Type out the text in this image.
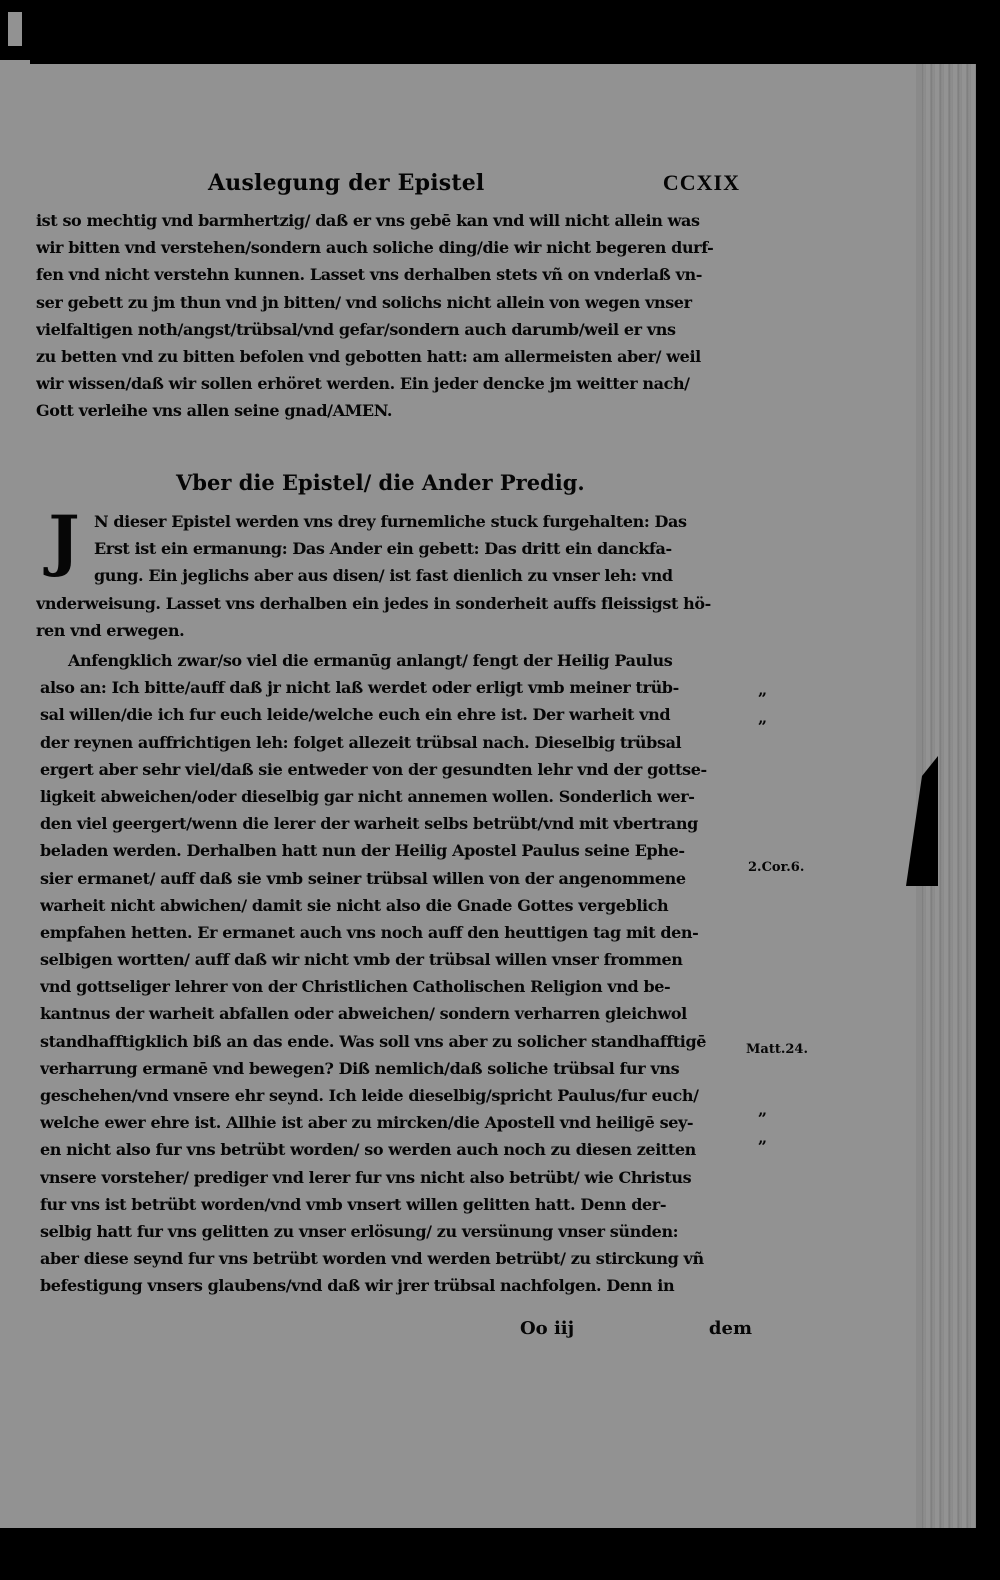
Auslegung der Epistel	CCXIX
ist so mechtig vnd barmhertzig/ daß er vns gebē kan vnd will nicht allein was
wir bitten vnd verstehen/sondern auch soliche ding/die wir nicht begeren durf-
fen vnd nicht verstehn kunnen. Lasset vns derhalben stets vñ on vnderlaß vn-
ser gebett zu jm thun vnd jn bitten/ vnd solichs nicht allein von wegen vnser
vielfaltigen noth/angst/trübsal/vnd gefar/sondern auch darumb/weil er vns
zu betten vnd zu bitten befolen vnd gebotten hatt: am allermeisten aber/ weil
wir wissen/daß wir sollen erhöret werden. Ein jeder dencke jm weitter nach/
Gott verleihe vns allen seine gnad/AMEN.
Vber die Epistel/ die Ander Predig.
J N dieser Epistel werden vns drey furnemliche stuck furgehalten: Das
Erst ist ein ermanung: Das Ander ein gebett: Das dritt ein danckfa-
gung. Ein jeglichs aber aus disen/ ist fast dienlich zu vnser leh: vnd
vnderweisung. Lasset vns derhalben ein jedes in sonderheit auffs fleissigst hö-
ren vnd erwegen.
Anfengklich zwar/so viel die ermanūg anlangt/ fengt der Heilig Paulus
also an: Ich bitte/auff daß jr nicht laß werdet oder erligt vmb meiner trüb-
sal willen/die ich fur euch leide/welche euch ein ehre ist. Der warheit vnd
der reynen auffrichtigen leh: folget allezeit trübsal nach. Dieselbig trübsal
ergert aber sehr viel/daß sie entweder von der gesundten lehr vnd der gottse-
ligkeit abweichen/oder dieselbig gar nicht annemen wollen. Sonderlich wer-
den viel geergert/wenn die lerer der warheit selbs betrübt/vnd mit vbertrang
beladen werden. Derhalben hatt nun der Heilig Apostel Paulus seine Ephe-
sier ermanet/ auff daß sie vmb seiner trübsal willen von der angenommene
warheit nicht abwichen/ damit sie nicht also die Gnade Gottes vergeblich
empfahen hetten. Er ermanet auch vns noch auff den heuttigen tag mit den-
selbigen wortten/ auff daß wir nicht vmb der trübsal willen vnser frommen
vnd gottseliger lehrer von der Christlichen Catholischen Religion vnd be-
kantnus der warheit abfallen oder abweichen/ sondern verharren gleichwol
standhafftigklich biß an das ende. Was soll vns aber zu solicher standhafftigē
verharrung ermanē vnd bewegen? Diß nemlich/daß soliche trübsal fur vns
geschehen/vnd vnsere ehr seynd. Ich leide dieselbig/spricht Paulus/fur euch/
welche ewer ehre ist. Allhie ist aber zu mircken/die Apostell vnd heiligē sey-
en nicht also fur vns betrübt worden/ so werden auch noch zu diesen zeitten
vnsere vorsteher/ prediger vnd lerer fur vns nicht also betrübt/ wie Christus
fur vns ist betrübt worden/vnd vmb vnsert willen gelitten hatt. Denn der-
selbig hatt fur vns gelitten zu vnser erlösung/ zu versünung vnser sünden:
aber diese seynd fur vns betrübt worden vnd werden betrübt/ zu stirckung vñ
befestigung vnsers glaubens/vnd daß wir jrer trübsal nachfolgen. Denn in
„
„
2.Cor.6.
Matt.24.
„
„
Oo iij	dem
